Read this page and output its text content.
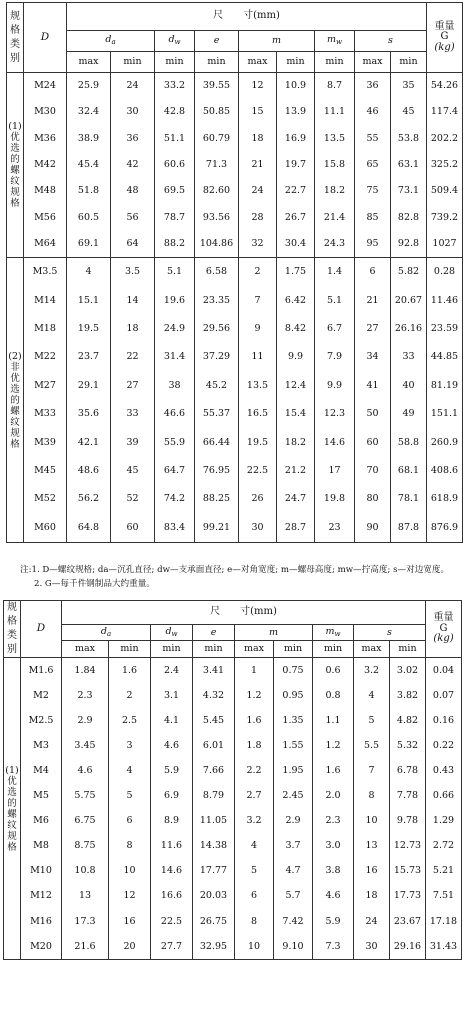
规格类别	D	尺　　寸(mm)									重量
G
(kg)

		$d_a$		$d_w$	e	m		$m_w$	s		
		max	min	min	min	max	min	min	max	min	
(1)优选的螺纹规格	M24	25.9	24	33.2	39.55	12	10.9	8.7	36	35	54.26
	M30	32.4	30	42.8	50.85	15	13.9	11.1	46	45	117.4
	M36	38.9	36	51.1	60.79	18	16.9	13.5	55	53.8	202.2
	M42	45.4	42	60.6	71.3	21	19.7	15.8	65	63.1	325.2
	M48	51.8	48	69.5	82.60	24	22.7	18.2	75	73.1	509.4
	M56	60.5	56	78.7	93.56	28	26.7	21.4	85	82.8	739.2
	M64	69.1	64	88.2	104.86	32	30.4	24.3	95	92.8	1027
(2)非优选的螺纹规格	M3.5	4	3.5	5.1	6.58	2	1.75	1.4	6	5.82	0.28
	M14	15.1	14	19.6	23.35	7	6.42	5.1	21	20.67	11.46
	M18	19.5	18	24.9	29.56	9	8.42	6.7	27	26.16	23.59
	M22	23.7	22	31.4	37.29	11	9.9	7.9	34	33	44.85
	M27	29.1	27	38	45.2	13.5	12.4	9.9	41	40	81.19
	M33	35.6	33	46.6	55.37	16.5	15.4	12.3	50	49	151.1
	M39	42.1	39	55.9	66.44	19.5	18.2	14.6	60	58.8	260.9
	M45	48.6	45	64.7	76.95	22.5	21.2	17	70	68.1	408.6
	M52	56.2	52	74.2	88.25	26	24.7	19.8	80	78.1	618.9
	M60	64.8	60	83.4	99.21	30	28.7	23	90	87.8	876.9
注:1. D—螺纹规格; da—沉孔直径; dw—支承面直径; e—对角宽度; m—螺母高度; mw—拧高度; s—对边宽度。
2. G—每千件钢制品大约重量。
规格类别	D	尺　　寸(mm)									重量
G
(kg)

		$d_a$		$d_w$	e	m		$m_w$	s		
		max	min	min	min	max	min	min	max	min	
(1)优选的螺纹规格	M1.6	1.84	1.6	2.4	3.41	1	0.75	0.6	3.2	3.02	0.04
	M2	2.3	2	3.1	4.32	1.2	0.95	0.8	4	3.82	0.07
	M2.5	2.9	2.5	4.1	5.45	1.6	1.35	1.1	5	4.82	0.16
	M3	3.45	3	4.6	6.01	1.8	1.55	1.2	5.5	5.32	0.22
	M4	4.6	4	5.9	7.66	2.2	1.95	1.6	7	6.78	0.43
	M5	5.75	5	6.9	8.79	2.7	2.45	2.0	8	7.78	0.66
	M6	6.75	6	8.9	11.05	3.2	2.9	2.3	10	9.78	1.29
	M8	8.75	8	11.6	14.38	4	3.7	3.0	13	12.73	2.72
	M10	10.8	10	14.6	17.77	5	4.7	3.8	16	15.73	5.21
	M12	13	12	16.6	20.03	6	5.7	4.6	18	17.73	7.51
	M16	17.3	16	22.5	26.75	8	7.42	5.9	24	23.67	17.18
	M20	21.6	20	27.7	32.95	10	9.10	7.3	30	29.16	31.43
